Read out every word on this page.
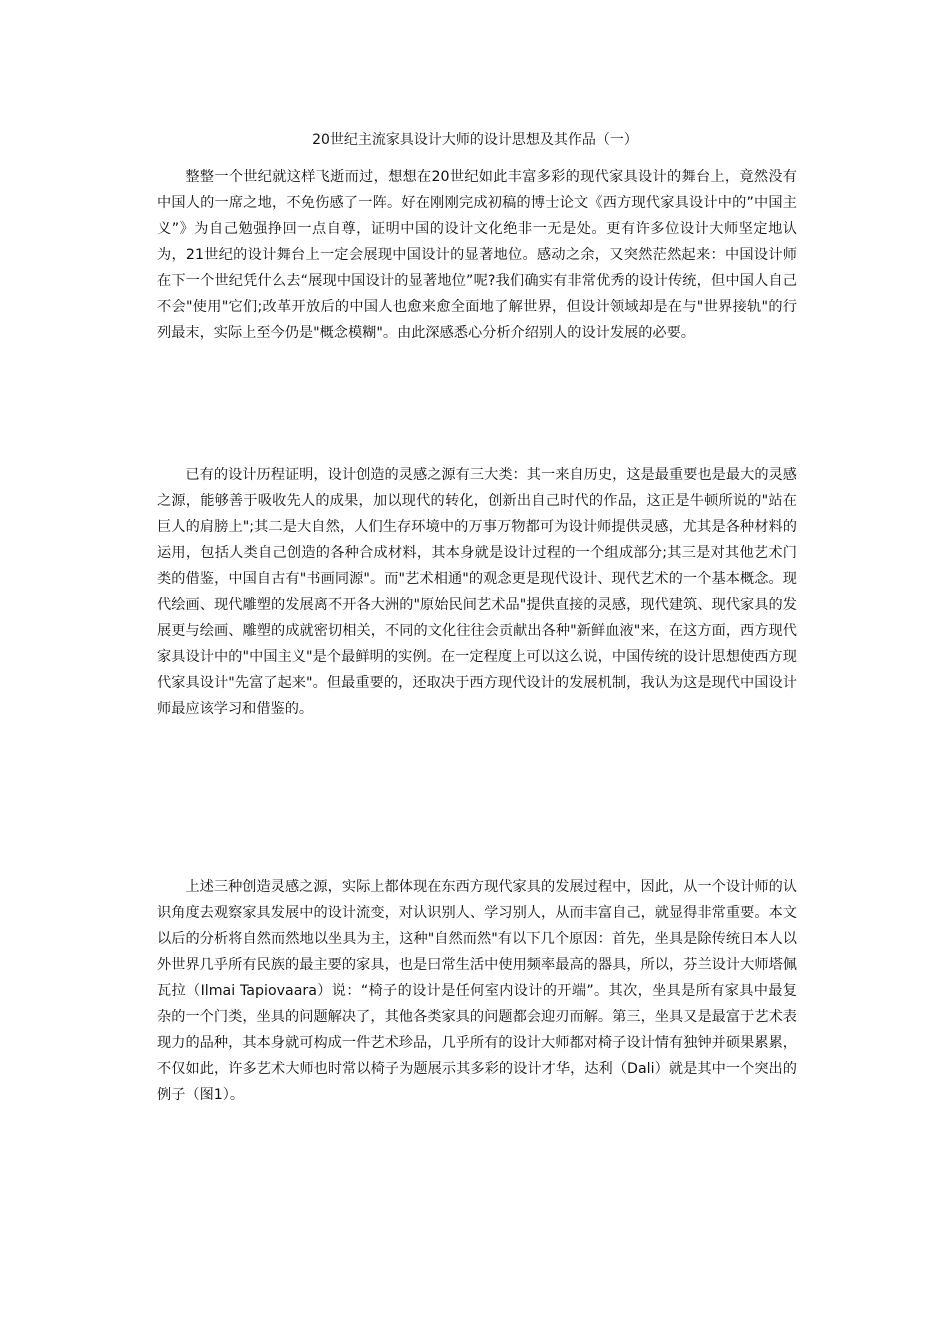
20世纪主流家具设计大师的设计思想及其作品（一）

整整一个世纪就这样飞逝而过，想想在20世纪如此丰富多彩的现代家具设计的舞台上，竟然没有中国人的一席之地，不免伤感了一阵。好在刚刚完成初稿的博士论文《西方现代家具设计中的”中国主义”》为自己勉强挣回一点自尊，证明中国的设计文化绝非一无是处。更有许多位设计大师坚定地认为，21世纪的设计舞台上一定会展现中国设计的显著地位。感动之余，又突然茫然起来：中国设计师在下一个世纪凭什么去“展现中国设计的显著地位”呢?我们确实有非常优秀的设计传统，但中国人自己不会"使用"它们;改革开放后的中国人也愈来愈全面地了解世界，但设计领域却是在与"世界接轨"的行列最末，实际上至今仍是"概念模糊"。由此深感悉心分析介绍别人的设计发展的必要。

已有的设计历程证明，设计创造的灵感之源有三大类：其一来自历史，这是最重要也是最大的灵感之源，能够善于吸收先人的成果，加以现代的转化，创新出自己时代的作品，这正是牛顿所说的"站在巨人的肩膀上";其二是大自然，人们生存环境中的万事万物都可为设计师提供灵感，尤其是各种材料的运用，包括人类自己创造的各种合成材料，其本身就是设计过程的一个组成部分;其三是对其他艺术门类的借鉴，中国自古有"书画同源"。而"艺术相通"的观念更是现代设计、现代艺术的一个基本概念。现代绘画、现代雕塑的发展离不开各大洲的"原始民间艺术品"提供直接的灵感，现代建筑、现代家具的发展更与绘画、雕塑的成就密切相关，不同的文化往往会贡献出各种"新鲜血液"来，在这方面，西方现代家具设计中的"中国主义"是个最鲜明的实例。在一定程度上可以这么说，中国传统的设计思想使西方现代家具设计"先富了起来"。但最重要的，还取决于西方现代设计的发展机制，我认为这是现代中国设计师最应该学习和借鉴的。

上述三种创造灵感之源，实际上都体现在东西方现代家具的发展过程中，因此，从一个设计师的认识角度去观察家具发展中的设计流变，对认识别人、学习别人，从而丰富自己，就显得非常重要。本文以后的分析将自然而然地以坐具为主，这种"自然而然"有以下几个原因：首先，坐具是除传统日本人以外世界几乎所有民族的最主要的家具，也是曰常生活中使用频率最高的器具，所以，芬兰设计大师塔佩瓦拉（Ilmai Tapiovaara）说：“椅子的设计是任何室内设计的开端”。其次，坐具是所有家具中最复杂的一个门类，坐具的问题解决了，其他各类家具的问题都会迎刃而解。第三，坐具又是最富于艺术表现力的品种，其本身就可构成一件艺术珍品，几乎所有的设计大师都对椅子设计情有独钟并硕果累累，不仅如此，许多艺术大师也时常以椅子为题展示其多彩的设计才华，达利（Dali）就是其中一个突出的例子（图1）。
